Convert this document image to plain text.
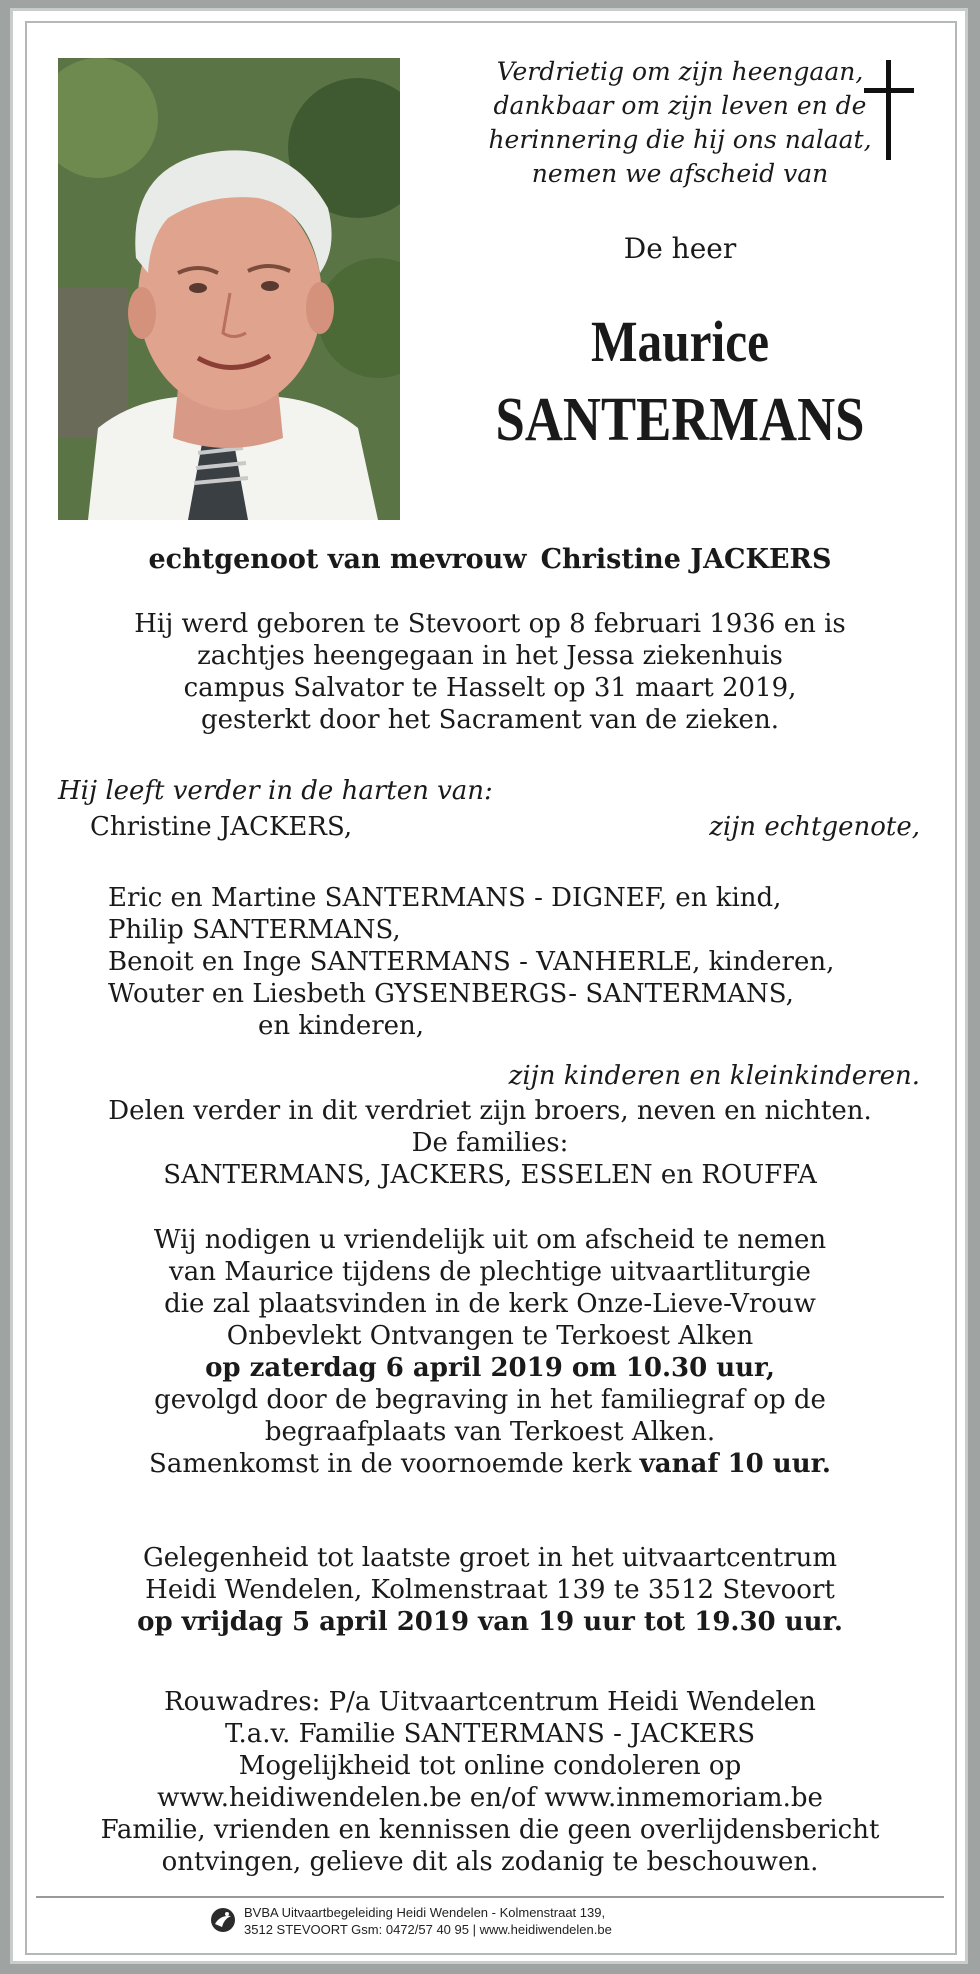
Verdrietig om zijn heengaan,
dankbaar om zijn leven en de
herinnering die hij ons nalaat,
nemen we afscheid van
De heer
Maurice
SANTERMANS
echtgenoot van mevrouw Christine JACKERS
Hij werd geboren te Stevoort op 8 februari 1936 en is
zachtjes heengegaan in het Jessa ziekenhuis
campus Salvator te Hasselt op 31 maart 2019,
gesterkt door het Sacrament van de zieken.
Hij leeft verder in de harten van:
Christine JACKERS,	zijn echtgenote,
Eric en Martine SANTERMANS - DIGNEF, en kind,
Philip SANTERMANS,
Benoit en Inge SANTERMANS - VANHERLE, kinderen,
Wouter en Liesbeth GYSENBERGS- SANTERMANS,
en kinderen,
zijn kinderen en kleinkinderen.
Delen verder in dit verdriet zijn broers, neven en nichten.
De families:
SANTERMANS, JACKERS, ESSELEN en ROUFFA
Wij nodigen u vriendelijk uit om afscheid te nemen
van Maurice tijdens de plechtige uitvaartliturgie
die zal plaatsvinden in de kerk Onze-Lieve-Vrouw
Onbevlekt Ontvangen te Terkoest Alken
op zaterdag 6 april 2019 om 10.30 uur,
gevolgd door de begraving in het familiegraf op de
begraafplaats van Terkoest Alken.
Samenkomst in de voornoemde kerk vanaf 10 uur.
Gelegenheid tot laatste groet in het uitvaartcentrum
Heidi Wendelen, Kolmenstraat 139 te 3512 Stevoort
op vrijdag 5 april 2019 van 19 uur tot 19.30 uur.
Rouwadres: P/a Uitvaartcentrum Heidi Wendelen
T.a.v. Familie SANTERMANS - JACKERS
Mogelijkheid tot online condoleren op
www.heidiwendelen.be en/of www.inmemoriam.be
Familie, vrienden en kennissen die geen overlijdensbericht
ontvingen, gelieve dit als zodanig te beschouwen.
BVBA Uitvaartbegeleiding Heidi Wendelen - Kolmenstraat 139,
3512 STEVOORT Gsm: 0472/57 40 95 | www.heidiwendelen.be
